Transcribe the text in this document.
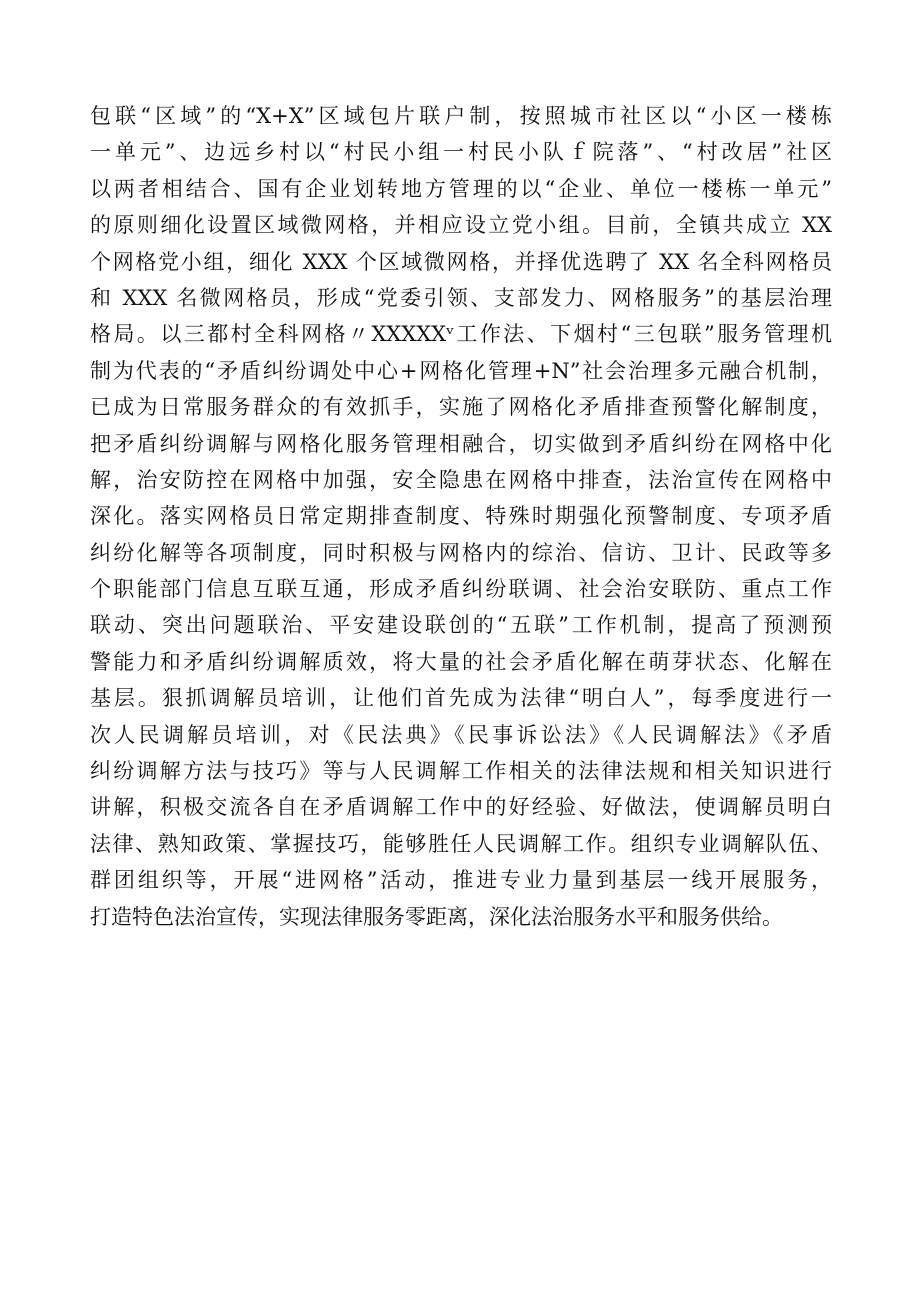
包联“区域”的“X+X”区域包片联户制，按照城市社区以“小区一楼栋
一单元”、边远乡村以“村民小组一村民小队ｆ院落”、“村改居”社区
以两者相结合、国有企业划转地方管理的以“企业、单位一楼栋一单元”
的原则细化设置区域微网格，并相应设立党小组。目前，全镇共成立 XX
个网格党小组，细化 XXX 个区域微网格，并择优选聘了 XX 名全科网格员
和 XXX 名微网格员，形成“党委引领、支部发力、网格服务”的基层治理
格局。以三都村全科网格〃XXXXXᵛ工作法、下烟村“三包联”服务管理机
制为代表的“矛盾纠纷调处中心+网格化管理+N”社会治理多元融合机制，
已成为日常服务群众的有效抓手，实施了网格化矛盾排查预警化解制度，
把矛盾纠纷调解与网格化服务管理相融合，切实做到矛盾纠纷在网格中化
解，治安防控在网格中加强，安全隐患在网格中排查，法治宣传在网格中
深化。落实网格员日常定期排查制度、特殊时期强化预警制度、专项矛盾
纠纷化解等各项制度，同时积极与网格内的综治、信访、卫计、民政等多
个职能部门信息互联互通，形成矛盾纠纷联调、社会治安联防、重点工作
联动、突出问题联治、平安建设联创的“五联”工作机制，提高了预测预
警能力和矛盾纠纷调解质效，将大量的社会矛盾化解在萌芽状态、化解在
基层。狠抓调解员培训，让他们首先成为法律“明白人”，每季度进行一
次人民调解员培训，对《民法典》《民事诉讼法》《人民调解法》《矛盾
纠纷调解方法与技巧》等与人民调解工作相关的法律法规和相关知识进行
讲解，积极交流各自在矛盾调解工作中的好经验、好做法，使调解员明白
法律、熟知政策、掌握技巧，能够胜任人民调解工作。组织专业调解队伍、
群团组织等，开展“进网格”活动，推进专业力量到基层一线开展服务，
打造特色法治宣传，实现法律服务零距离，深化法治服务水平和服务供给。
